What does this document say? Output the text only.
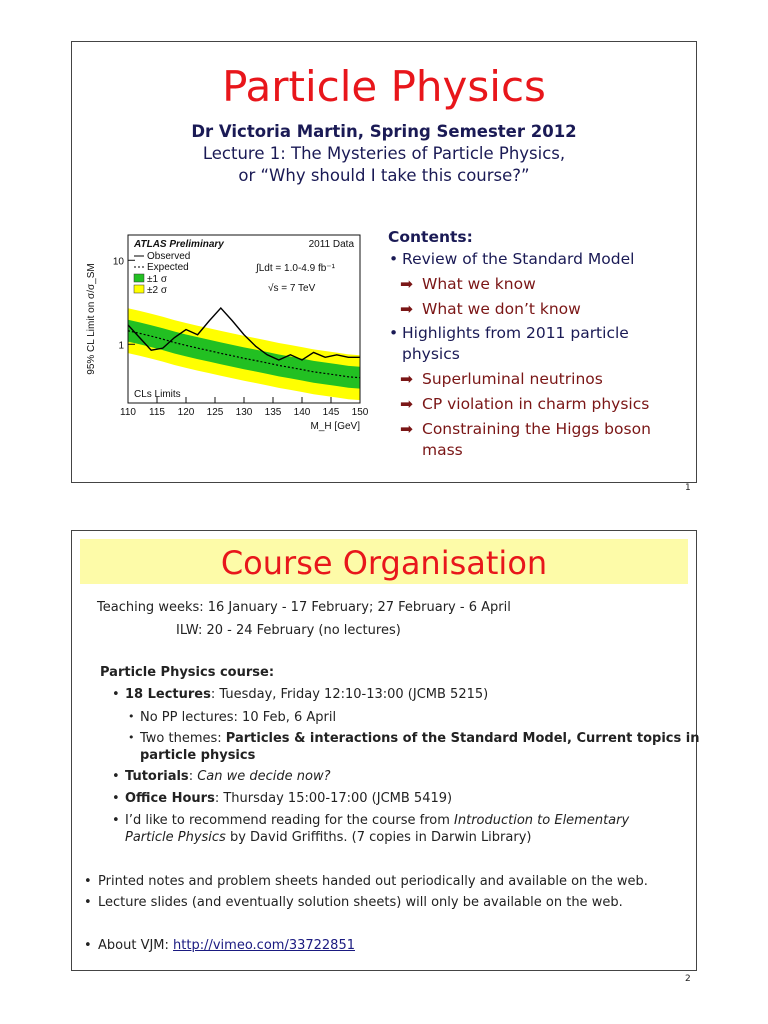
Particle Physics
Dr Victoria Martin, Spring Semester 2012
Lecture 1: The Mysteries of Particle Physics,
or “Why should I take this course?”
110 115 120 125 130 135 140 145 150
1
10
M_H [GeV]
95% CL Limit on σ/σ_SM
ATLAS Preliminary	2011 Data
Observed
Expected
±1 σ
±2 σ
∫Ldt = 1.0-4.9 fb⁻¹
√s = 7 TeV
CLs Limits
Contents:
• Review of the Standard Model
➡ What we know
➡ What we don’t know
• Highlights from 2011 particle physics
➡ Superluminal neutrinos
➡ CP violation in charm physics
➡ Constraining the Higgs boson mass
1
Course Organisation
Teaching weeks: 16 January - 17 February; 27 February - 6 April
ILW: 20 - 24 February (no lectures)
Particle Physics course:
• 18 Lectures: Tuesday, Friday 12:10-13:00 (JCMB 5215)
• No PP lectures: 10 Feb, 6 April
• Two themes: Particles & interactions of the Standard Model, Current topics in
particle physics
• Tutorials: Can we decide now?
• Office Hours: Thursday 15:00-17:00 (JCMB 5419)
• I’d like to recommend reading for the course from Introduction to Elementary
Particle Physics by David Griffiths. (7 copies in Darwin Library)
• Printed notes and problem sheets handed out periodically and available on the web.
• Lecture slides (and eventually solution sheets) will only be available on the web.
• About VJM: http://vimeo.com/33722851
2
